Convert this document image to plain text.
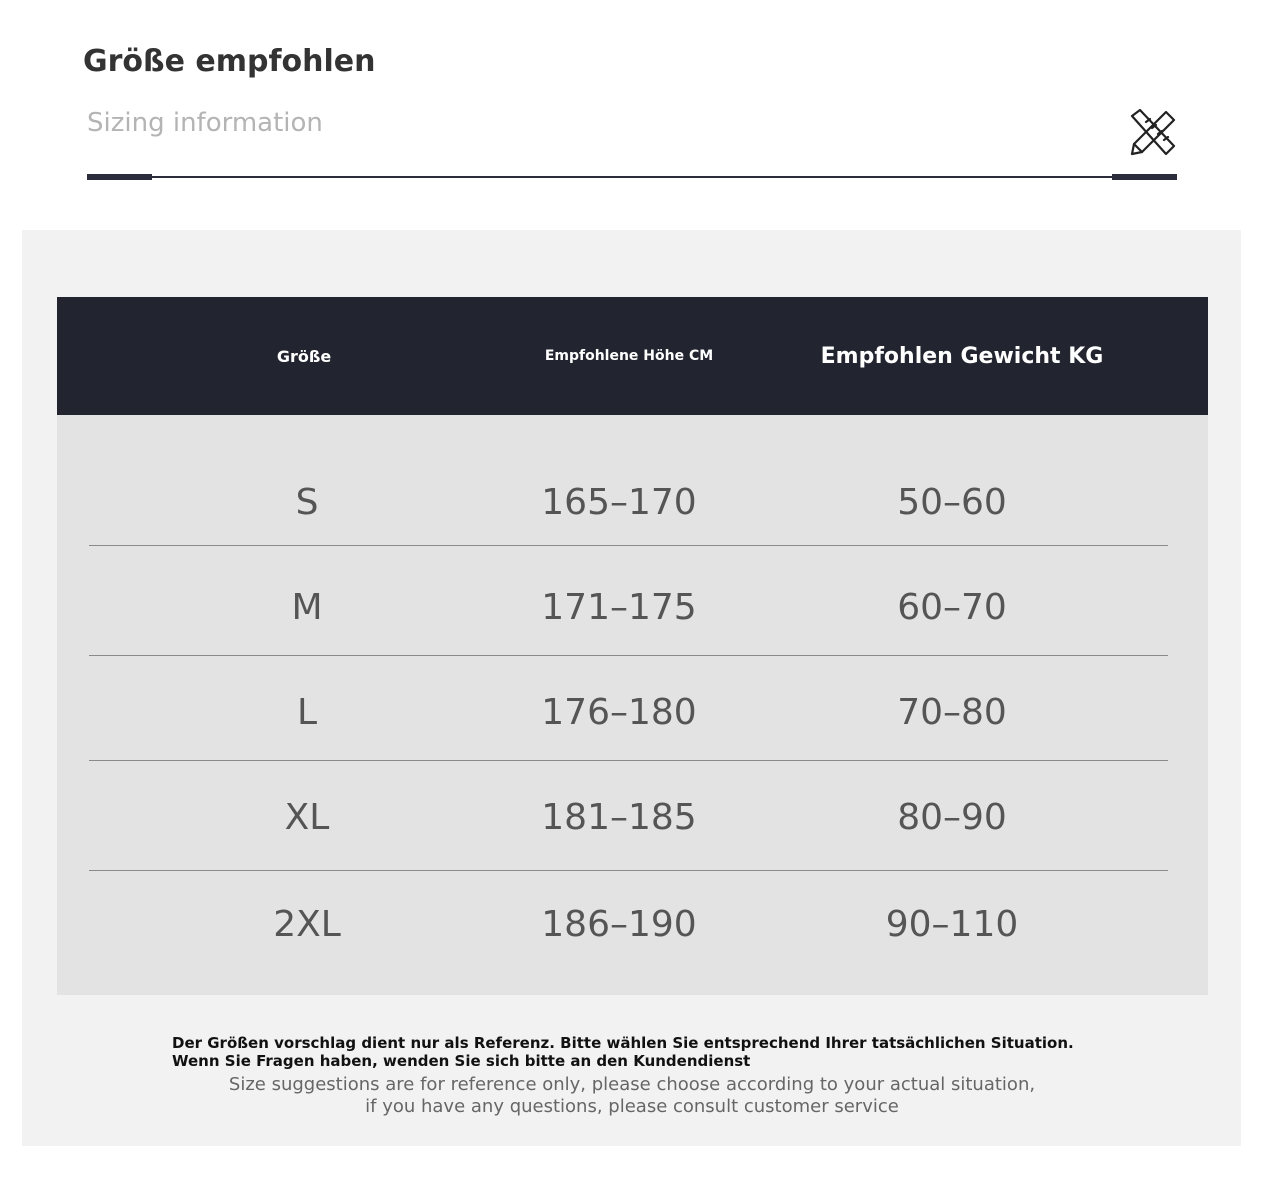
Größe empfohlen
Sizing information
Größe	Empfohlene Höhe CM	Empfohlen Gewicht KG
S	165–170	50–60
M	171–175	60–70
L	176–180	70–80
XL	181–185	80–90
2XL	186–190	90–110
Der Größen vorschlag dient nur als Referenz. Bitte wählen Sie entsprechend Ihrer tatsächlichen Situation. Wenn Sie Fragen haben, wenden Sie sich bitte an den Kundendienst
Size suggestions are for reference only, please choose according to your actual situation,
if you have any questions, please consult customer service
